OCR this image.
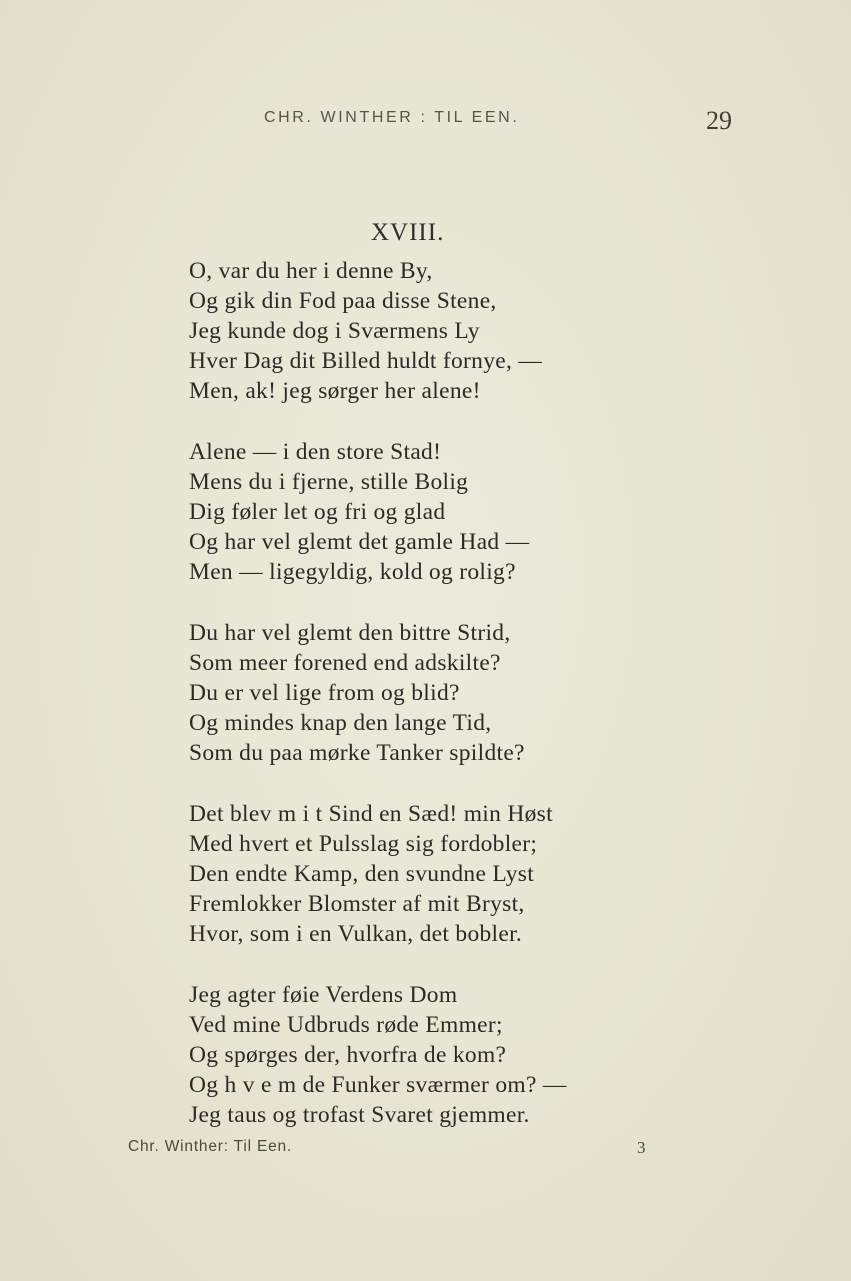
CHR. WINTHER : TIL EEN.	29
XVIII.
O, var du her i denne By,
Og gik din Fod paa disse Stene,
Jeg kunde dog i Sværmens Ly
Hver Dag dit Billed huldt fornye, —
Men, ak! jeg sørger her alene!
Alene — i den store Stad!
Mens du i fjerne, stille Bolig
Dig føler let og fri og glad
Og har vel glemt det gamle Had —
Men — ligegyldig, kold og rolig?
Du har vel glemt den bittre Strid,
Som meer forened end adskilte?
Du er vel lige from og blid?
Og mindes knap den lange Tid,
Som du paa mørke Tanker spildte?
Det blev m i t Sind en Sæd! min Høst
Med hvert et Pulsslag sig fordobler;
Den endte Kamp, den svundne Lyst
Fremlokker Blomster af mit Bryst,
Hvor, som i en Vulkan, det bobler.
Jeg agter føie Verdens Dom
Ved mine Udbruds røde Emmer;
Og spørges der, hvorfra de kom?
Og h v e m de Funker sværmer om? —
Jeg taus og trofast Svaret gjemmer.
Chr. Winther: Til Een.	3
